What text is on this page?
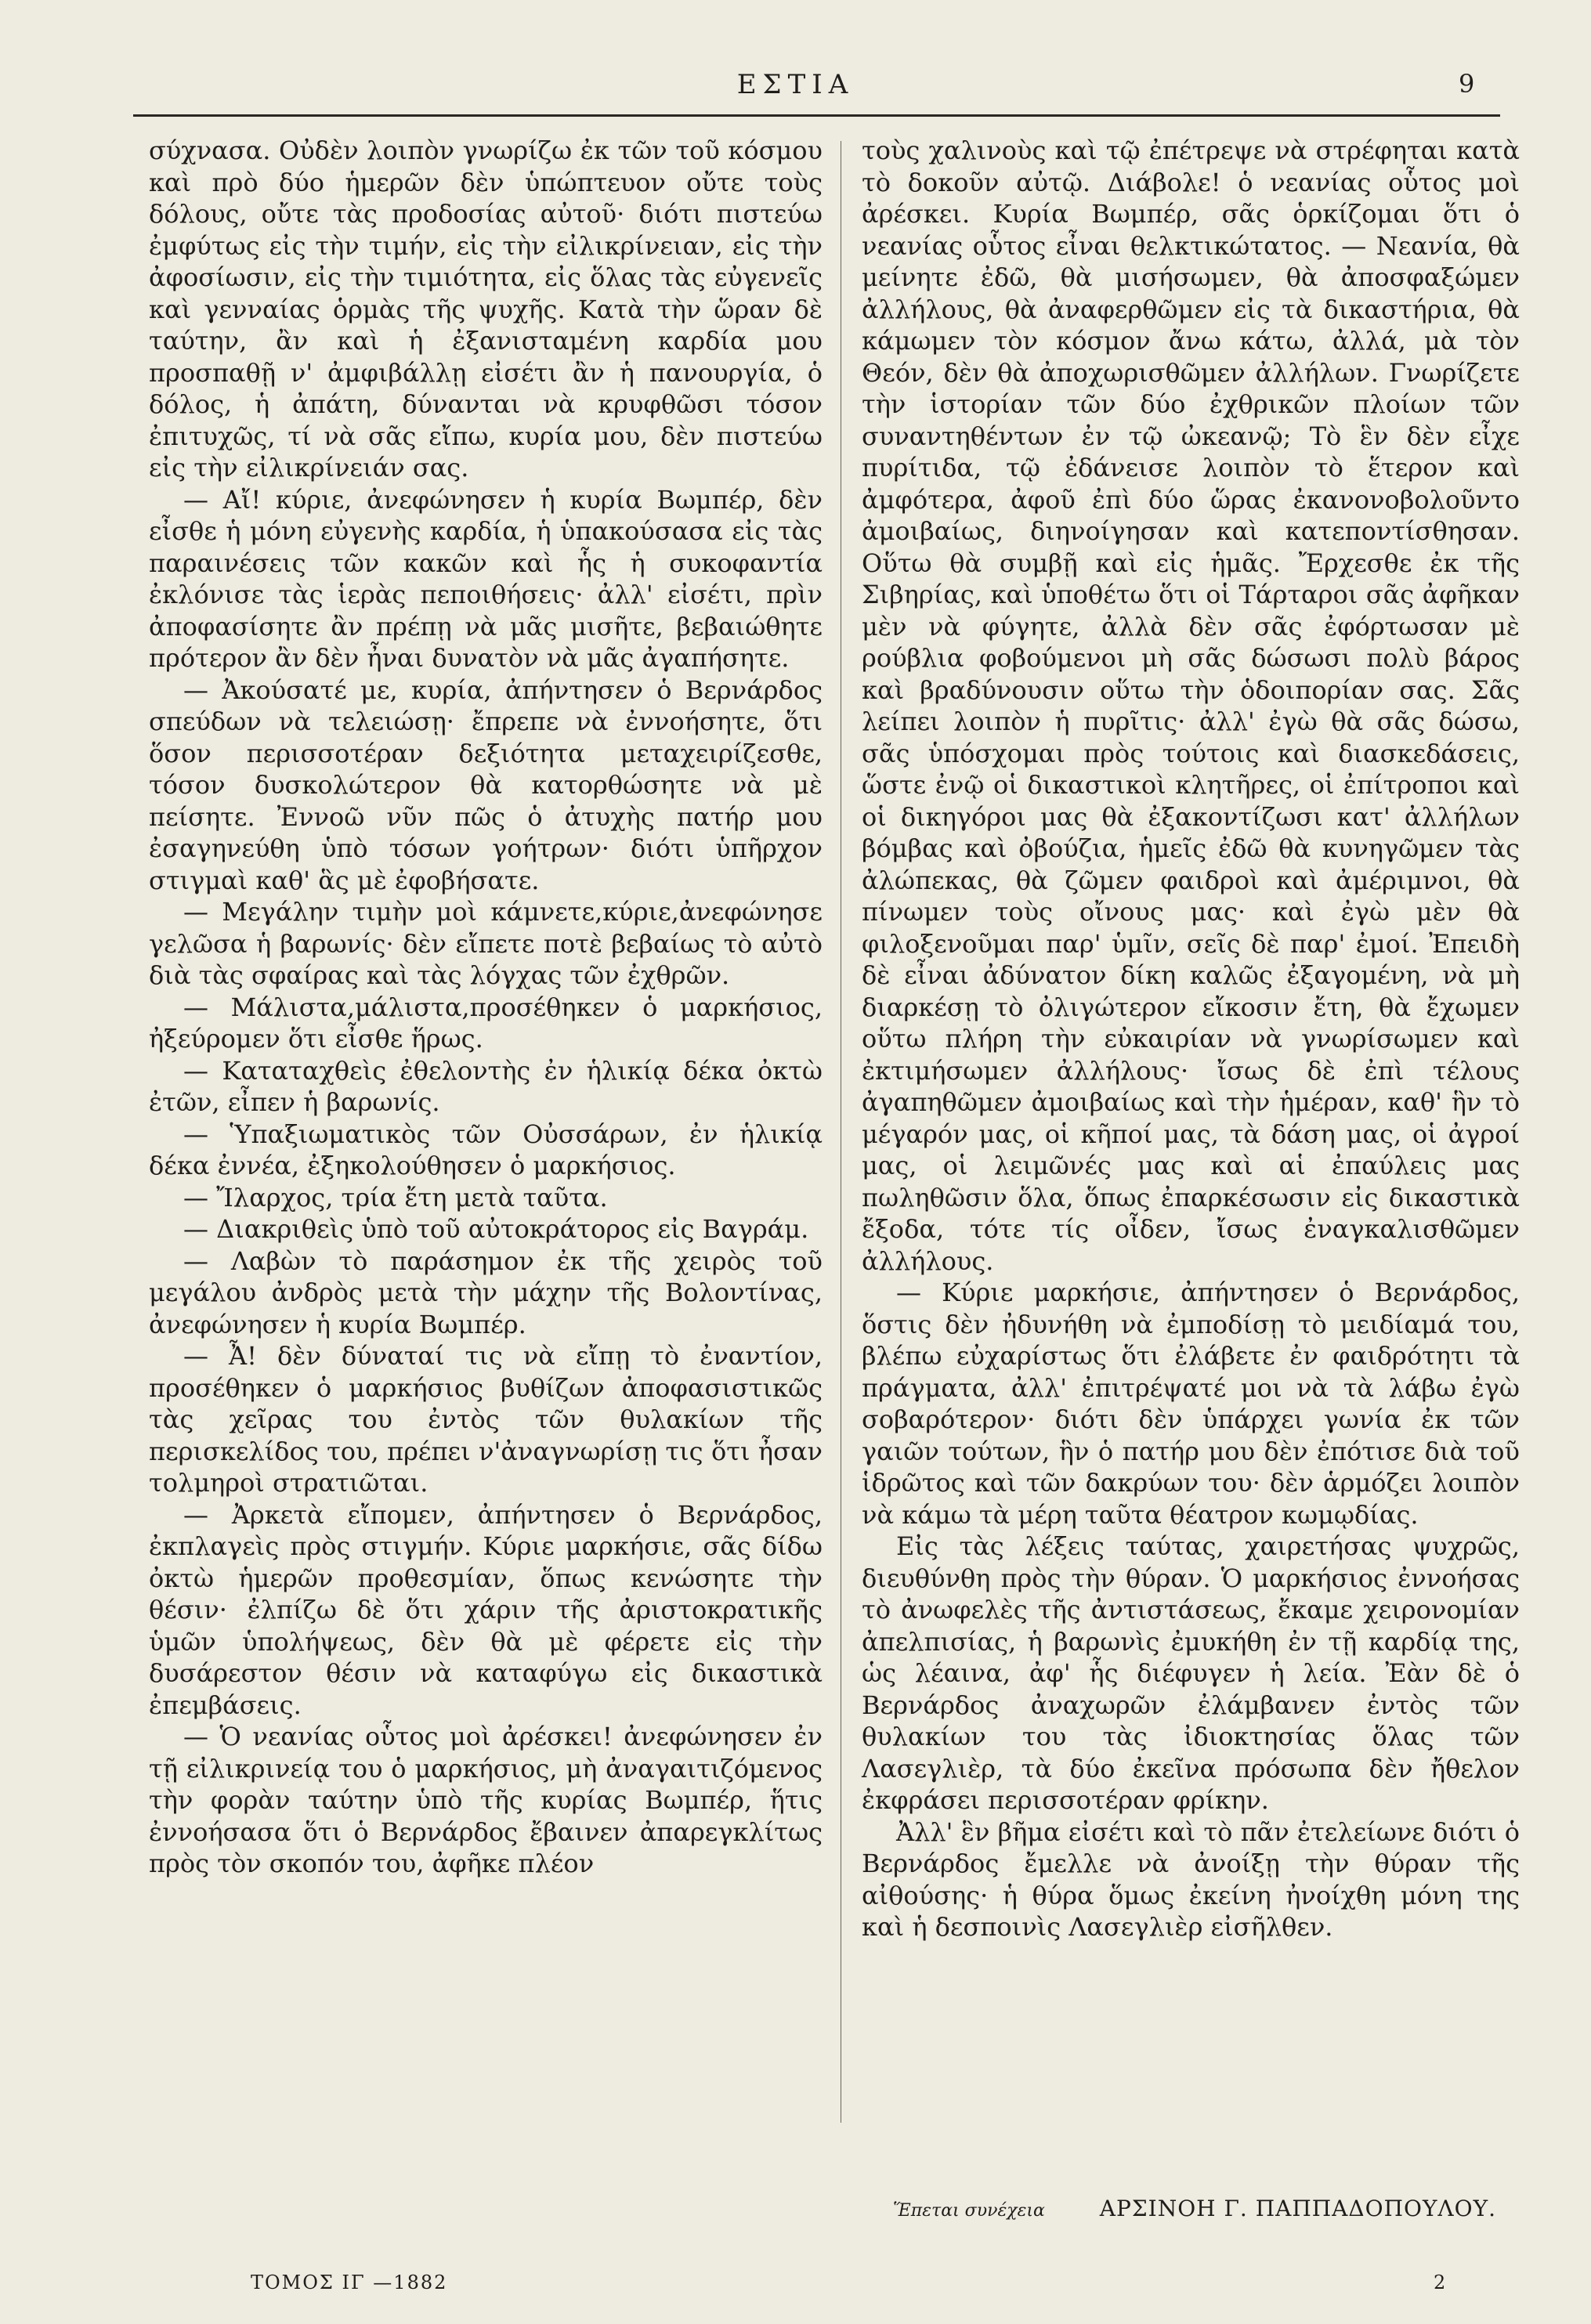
ΕΣΤΙΑ	9

σύχνασα. Οὐδὲν λοιπὸν γνωρίζω ἐκ τῶν τοῦ κόσμου καὶ πρὸ δύο ἡμερῶν δὲν ὑπώπτευον οὔτε τοὺς δόλους, οὔτε τὰς προδοσίας αὐτοῦ· διότι πιστεύω ἐμφύτως εἰς τὴν τιμήν, εἰς τὴν εἰλικρίνειαν, εἰς τὴν ἀφοσίωσιν, εἰς τὴν τιμιότητα, εἰς ὅλας τὰς εὐγενεῖς καὶ γενναίας ὁρμὰς τῆς ψυχῆς. Κατὰ τὴν ὥραν δὲ ταύτην, ἂν καὶ ἡ ἐξανισταμένη καρδία μου προσπαθῇ ν' ἀμφιβάλλῃ εἰσέτι ἂν ἡ πανουργία, ὁ δόλος, ἡ ἀπάτη, δύνανται νὰ κρυφθῶσι τόσον ἐπιτυχῶς, τί νὰ σᾶς εἴπω, κυρία μου, δὲν πιστεύω εἰς τὴν εἰλικρίνειάν σας.

— Αἴ! κύριε, ἀνεφώνησεν ἡ κυρία Βωμπέρ, δὲν εἶσθε ἡ μόνη εὐγενὴς καρδία, ἡ ὑπακούσασα εἰς τὰς παραινέσεις τῶν κακῶν καὶ ἧς ἡ συκοφαντία ἐκλόνισε τὰς ἱερὰς πεποιθήσεις· ἀλλ' εἰσέτι, πρὶν ἀποφασίσητε ἂν πρέπῃ νὰ μᾶς μισῆτε, βεβαιώθητε πρότερον ἂν δὲν ἦναι δυνατὸν νὰ μᾶς ἀγαπήσητε.

— Ἀκούσατέ με, κυρία, ἀπήντησεν ὁ Βερνάρδος σπεύδων νὰ τελειώσῃ· ἔπρεπε νὰ ἐννοήσητε, ὅτι ὅσον περισσοτέραν δεξιότητα μεταχειρίζεσθε, τόσον δυσκολώτερον θὰ κατορθώσητε νὰ μὲ πείσητε. Ἐννοῶ νῦν πῶς ὁ ἀτυχὴς πατήρ μου ἐσαγηνεύθη ὑπὸ τόσων γοήτρων· διότι ὑπῆρχον στιγμαὶ καθ' ἃς μὲ ἐφοβήσατε.

— Μεγάλην τιμὴν μοὶ κάμνετε,κύριε,ἀνεφώνησε γελῶσα ἡ βαρωνίς· δὲν εἴπετε ποτὲ βεβαίως τὸ αὐτὸ διὰ τὰς σφαίρας καὶ τὰς λόγχας τῶν ἐχθρῶν.

— Μάλιστα,μάλιστα,προσέθηκεν ὁ μαρκήσιος, ἠξεύρομεν ὅτι εἶσθε ἥρως.

— Καταταχθεὶς ἐθελοντὴς ἐν ἡλικίᾳ δέκα ὀκτὼ ἐτῶν, εἶπεν ἡ βαρωνίς.

— Ὑπαξιωματικὸς τῶν Οὐσσάρων, ἐν ἡλικίᾳ δέκα ἐννέα, ἐξηκολούθησεν ὁ μαρκήσιος.

— Ἴλαρχος, τρία ἔτη μετὰ ταῦτα.

— Διακριθεὶς ὑπὸ τοῦ αὐτοκράτορος εἰς Βαγράμ.

— Λαβὼν τὸ παράσημον ἐκ τῆς χειρὸς τοῦ μεγάλου ἀνδρὸς μετὰ τὴν μάχην τῆς Βολοντίνας, ἀνεφώνησεν ἡ κυρία Βωμπέρ.

— Ἆ! δὲν δύναταί τις νὰ εἴπῃ τὸ ἐναντίον, προσέθηκεν ὁ μαρκήσιος βυθίζων ἀποφασιστικῶς τὰς χεῖρας του ἐντὸς τῶν θυλακίων τῆς περισκελίδος του, πρέπει ν'ἀναγνωρίσῃ τις ὅτι ἦσαν τολμηροὶ στρατιῶται.

— Ἀρκετὰ εἴπομεν, ἀπήντησεν ὁ Βερνάρδος, ἐκπλαγεὶς πρὸς στιγμήν. Κύριε μαρκήσιε, σᾶς δίδω ὀκτὼ ἡμερῶν προθεσμίαν, ὅπως κενώσητε τὴν θέσιν· ἐλπίζω δὲ ὅτι χάριν τῆς ἀριστοκρατικῆς ὑμῶν ὑπολήψεως, δὲν θὰ μὲ φέρετε εἰς τὴν δυσάρεστον θέσιν νὰ καταφύγω εἰς δικαστικὰ ἐπεμβάσεις.

— Ὁ νεανίας οὗτος μοὶ ἀρέσκει! ἀνεφώνησεν ἐν τῇ εἰλικρινείᾳ του ὁ μαρκήσιος, μὴ ἀναγαιτιζόμενος τὴν φορὰν ταύτην ὑπὸ τῆς κυρίας Βωμπέρ, ἥτις ἐννοήσασα ὅτι ὁ Βερνάρδος ἔβαινεν ἀπαρεγκλίτως πρὸς τὸν σκοπόν του, ἀφῆκε πλέον

τοὺς χαλινοὺς καὶ τῷ ἐπέτρεψε νὰ στρέφηται κατὰ τὸ δοκοῦν αὐτῷ. Διάβολε! ὁ νεανίας οὗτος μοὶ ἀρέσκει. Κυρία Βωμπέρ, σᾶς ὁρκίζομαι ὅτι ὁ νεανίας οὗτος εἶναι θελκτικώτατος. — Νεανία, θὰ μείνητε ἐδῶ, θὰ μισήσωμεν, θὰ ἀποσφαξώμεν ἀλλήλους, θὰ ἀναφερθῶμεν εἰς τὰ δικαστήρια, θὰ κάμωμεν τὸν κόσμον ἄνω κάτω, ἀλλά, μὰ τὸν Θεόν, δὲν θὰ ἀποχωρισθῶμεν ἀλλήλων. Γνωρίζετε τὴν ἱστορίαν τῶν δύο ἐχθρικῶν πλοίων τῶν συναντηθέντων ἐν τῷ ὠκεανῷ; Τὸ ἓν δὲν εἶχε πυρίτιδα, τῷ ἐδάνεισε λοιπὸν τὸ ἕτερον καὶ ἀμφότερα, ἀφοῦ ἐπὶ δύο ὥρας ἐκανονοβολοῦντο ἀμοιβαίως, διηνοίγησαν καὶ κατεποντίσθησαν. Οὕτω θὰ συμβῇ καὶ εἰς ἡμᾶς. Ἔρχεσθε ἐκ τῆς Σιβηρίας, καὶ ὑποθέτω ὅτι οἱ Τάρταροι σᾶς ἀφῆκαν μὲν νὰ φύγητε, ἀλλὰ δὲν σᾶς ἐφόρτωσαν μὲ ρούβλια φοβούμενοι μὴ σᾶς δώσωσι πολὺ βάρος καὶ βραδύνουσιν οὕτω τὴν ὁδοιπορίαν σας. Σᾶς λείπει λοιπὸν ἡ πυρῖτις· ἀλλ' ἐγὼ θὰ σᾶς δώσω, σᾶς ὑπόσχομαι πρὸς τούτοις καὶ διασκεδάσεις, ὥστε ἐνῷ οἱ δικαστικοὶ κλητῆρες, οἱ ἐπίτροποι καὶ οἱ δικηγόροι μας θὰ ἐξακοντίζωσι κατ' ἀλλήλων βόμβας καὶ ὀβούζια, ἡμεῖς ἐδῶ θὰ κυνηγῶμεν τὰς ἀλώπεκας, θὰ ζῶμεν φαιδροὶ καὶ ἀμέριμνοι, θὰ πίνωμεν τοὺς οἴνους μας· καὶ ἐγὼ μὲν θὰ φιλοξενοῦμαι παρ' ὑμῖν, σεῖς δὲ παρ' ἐμοί. Ἐπειδὴ δὲ εἶναι ἀδύνατον δίκη καλῶς ἐξαγομένη, νὰ μὴ διαρκέσῃ τὸ ὀλιγώτερον εἴκοσιν ἔτη, θὰ ἔχωμεν οὕτω πλήρη τὴν εὐκαιρίαν νὰ γνωρίσωμεν καὶ ἐκτιμήσωμεν ἀλλήλους· ἴσως δὲ ἐπὶ τέλους ἀγαπηθῶμεν ἀμοιβαίως καὶ τὴν ἡμέραν, καθ' ἣν τὸ μέγαρόν μας, οἱ κῆποί μας, τὰ δάση μας, οἱ ἀγροί μας, οἱ λειμῶνές μας καὶ αἱ ἐπαύλεις μας πωληθῶσιν ὅλα, ὅπως ἐπαρκέσωσιν εἰς δικαστικὰ ἔξοδα, τότε τίς οἶδεν, ἴσως ἐναγκαλισθῶμεν ἀλλήλους.

— Κύριε μαρκήσιε, ἀπήντησεν ὁ Βερνάρδος, ὅστις δὲν ἠδυνήθη νὰ ἐμποδίσῃ τὸ μειδίαμά του, βλέπω εὐχαρίστως ὅτι ἐλάβετε ἐν φαιδρότητι τὰ πράγματα, ἀλλ' ἐπιτρέψατέ μοι νὰ τὰ λάβω ἐγὼ σοβαρότερον· διότι δὲν ὑπάρχει γωνία ἐκ τῶν γαιῶν τούτων, ἣν ὁ πατήρ μου δὲν ἐπότισε διὰ τοῦ ἱδρῶτος καὶ τῶν δακρύων του· δὲν ἁρμόζει λοιπὸν νὰ κάμω τὰ μέρη ταῦτα θέατρον κωμῳδίας.

Εἰς τὰς λέξεις ταύτας, χαιρετήσας ψυχρῶς, διευθύνθη πρὸς τὴν θύραν. Ὁ μαρκήσιος ἐννοήσας τὸ ἀνωφελὲς τῆς ἀντιστάσεως, ἔκαμε χειρονομίαν ἀπελπισίας, ἡ βαρωνὶς ἐμυκήθη ἐν τῇ καρδίᾳ της, ὡς λέαινα, ἀφ' ἧς διέφυγεν ἡ λεία. Ἐὰν δὲ ὁ Βερνάρδος ἀναχωρῶν ἐλάμβανεν ἐντὸς τῶν θυλακίων του τὰς ἰδιοκτησίας ὅλας τῶν Λασεγλιὲρ, τὰ δύο ἐκεῖνα πρόσωπα δὲν ἤθελον ἐκφράσει περισσοτέραν φρίκην.

Ἀλλ' ἓν βῆμα εἰσέτι καὶ τὸ πᾶν ἐτελείωνε διότι ὁ Βερνάρδος ἔμελλε νὰ ἀνοίξῃ τὴν θύραν τῆς αἰθούσης· ἡ θύρα ὅμως ἐκείνη ἠνοίχθη μόνη της καὶ ἡ δεσποινὶς Λασεγλιὲρ εἰσῆλθεν.

Ἕπεται συνέχεια ΑΡΣΙΝΟΗ Γ. ΠΑΠΠΑΔΟΠΟΥΛΟΥ.
ΤΟΜΟΣ ΙΓ —1882	2
